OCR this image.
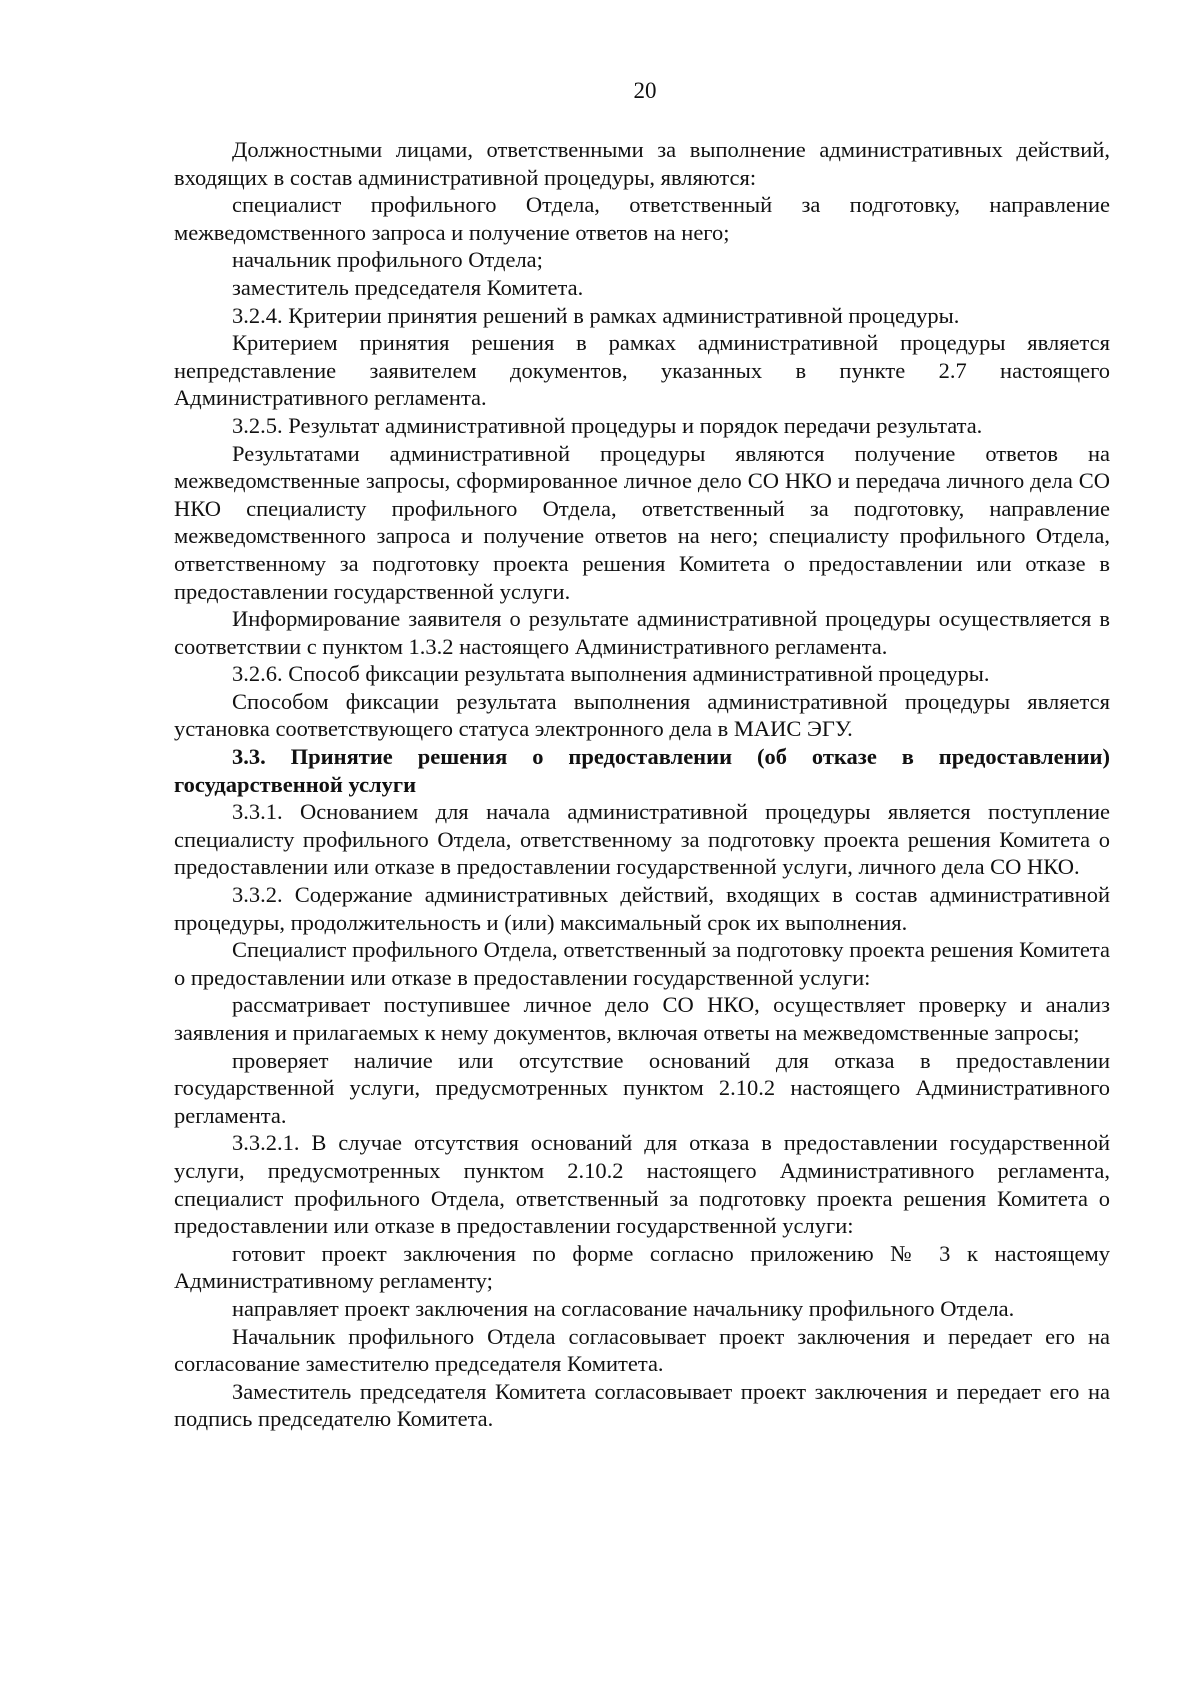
20

Должностными лицами, ответственными за выполнение административных действий, входящих в состав административной процедуры, являются:

специалист профильного Отдела, ответственный за подготовку, направление межведомственного запроса и получение ответов на него;

начальник профильного Отдела;

заместитель председателя Комитета.

3.2.4. Критерии принятия решений в рамках административной процедуры.

Критерием принятия решения в рамках административной процедуры является непредставление заявителем документов, указанных в пункте 2.7 настоящего Административного регламента.

3.2.5. Результат административной процедуры и порядок передачи результата.

Результатами административной процедуры являются получение ответов на межведомственные запросы, сформированное личное дело СО НКО и передача личного дела СО НКО специалисту профильного Отдела, ответственный за подготовку, направление межведомственного запроса и получение ответов на него; специалисту профильного Отдела, ответственному за подготовку проекта решения Комитета о предоставлении или отказе в предоставлении государственной услуги.

Информирование заявителя о результате административной процедуры осуществляется в соответствии с пунктом 1.3.2 настоящего Административного регламента.

3.2.6. Способ фиксации результата выполнения административной процедуры.

Способом фиксации результата выполнения административной процедуры является установка соответствующего статуса электронного дела в МАИС ЭГУ.

3.3. Принятие решения о предоставлении (об отказе в предоставлении) государственной услуги

3.3.1. Основанием для начала административной процедуры является поступление специалисту профильного Отдела, ответственному за подготовку проекта решения Комитета о предоставлении или отказе в предоставлении государственной услуги, личного дела СО НКО.

3.3.2. Содержание административных действий, входящих в состав административной процедуры, продолжительность и (или) максимальный срок их выполнения.

Специалист профильного Отдела, ответственный за подготовку проекта решения Комитета о предоставлении или отказе в предоставлении государственной услуги:

рассматривает поступившее личное дело СО НКО, осуществляет проверку и анализ заявления и прилагаемых к нему документов, включая ответы на межведомственные запросы;

проверяет наличие или отсутствие оснований для отказа в предоставлении государственной услуги, предусмотренных пунктом 2.10.2 настоящего Административного регламента.

3.3.2.1. В случае отсутствия оснований для отказа в предоставлении государственной услуги, предусмотренных пунктом 2.10.2 настоящего Административного регламента, специалист профильного Отдела, ответственный за подготовку проекта решения Комитета о предоставлении или отказе в предоставлении государственной услуги:

готовит проект заключения по форме согласно приложению № 3 к настоящему Административному регламенту;

направляет проект заключения на согласование начальнику профильного Отдела.

Начальник профильного Отдела согласовывает проект заключения и передает его на согласование заместителю председателя Комитета.

Заместитель председателя Комитета согласовывает проект заключения и передает его на подпись председателю Комитета.
